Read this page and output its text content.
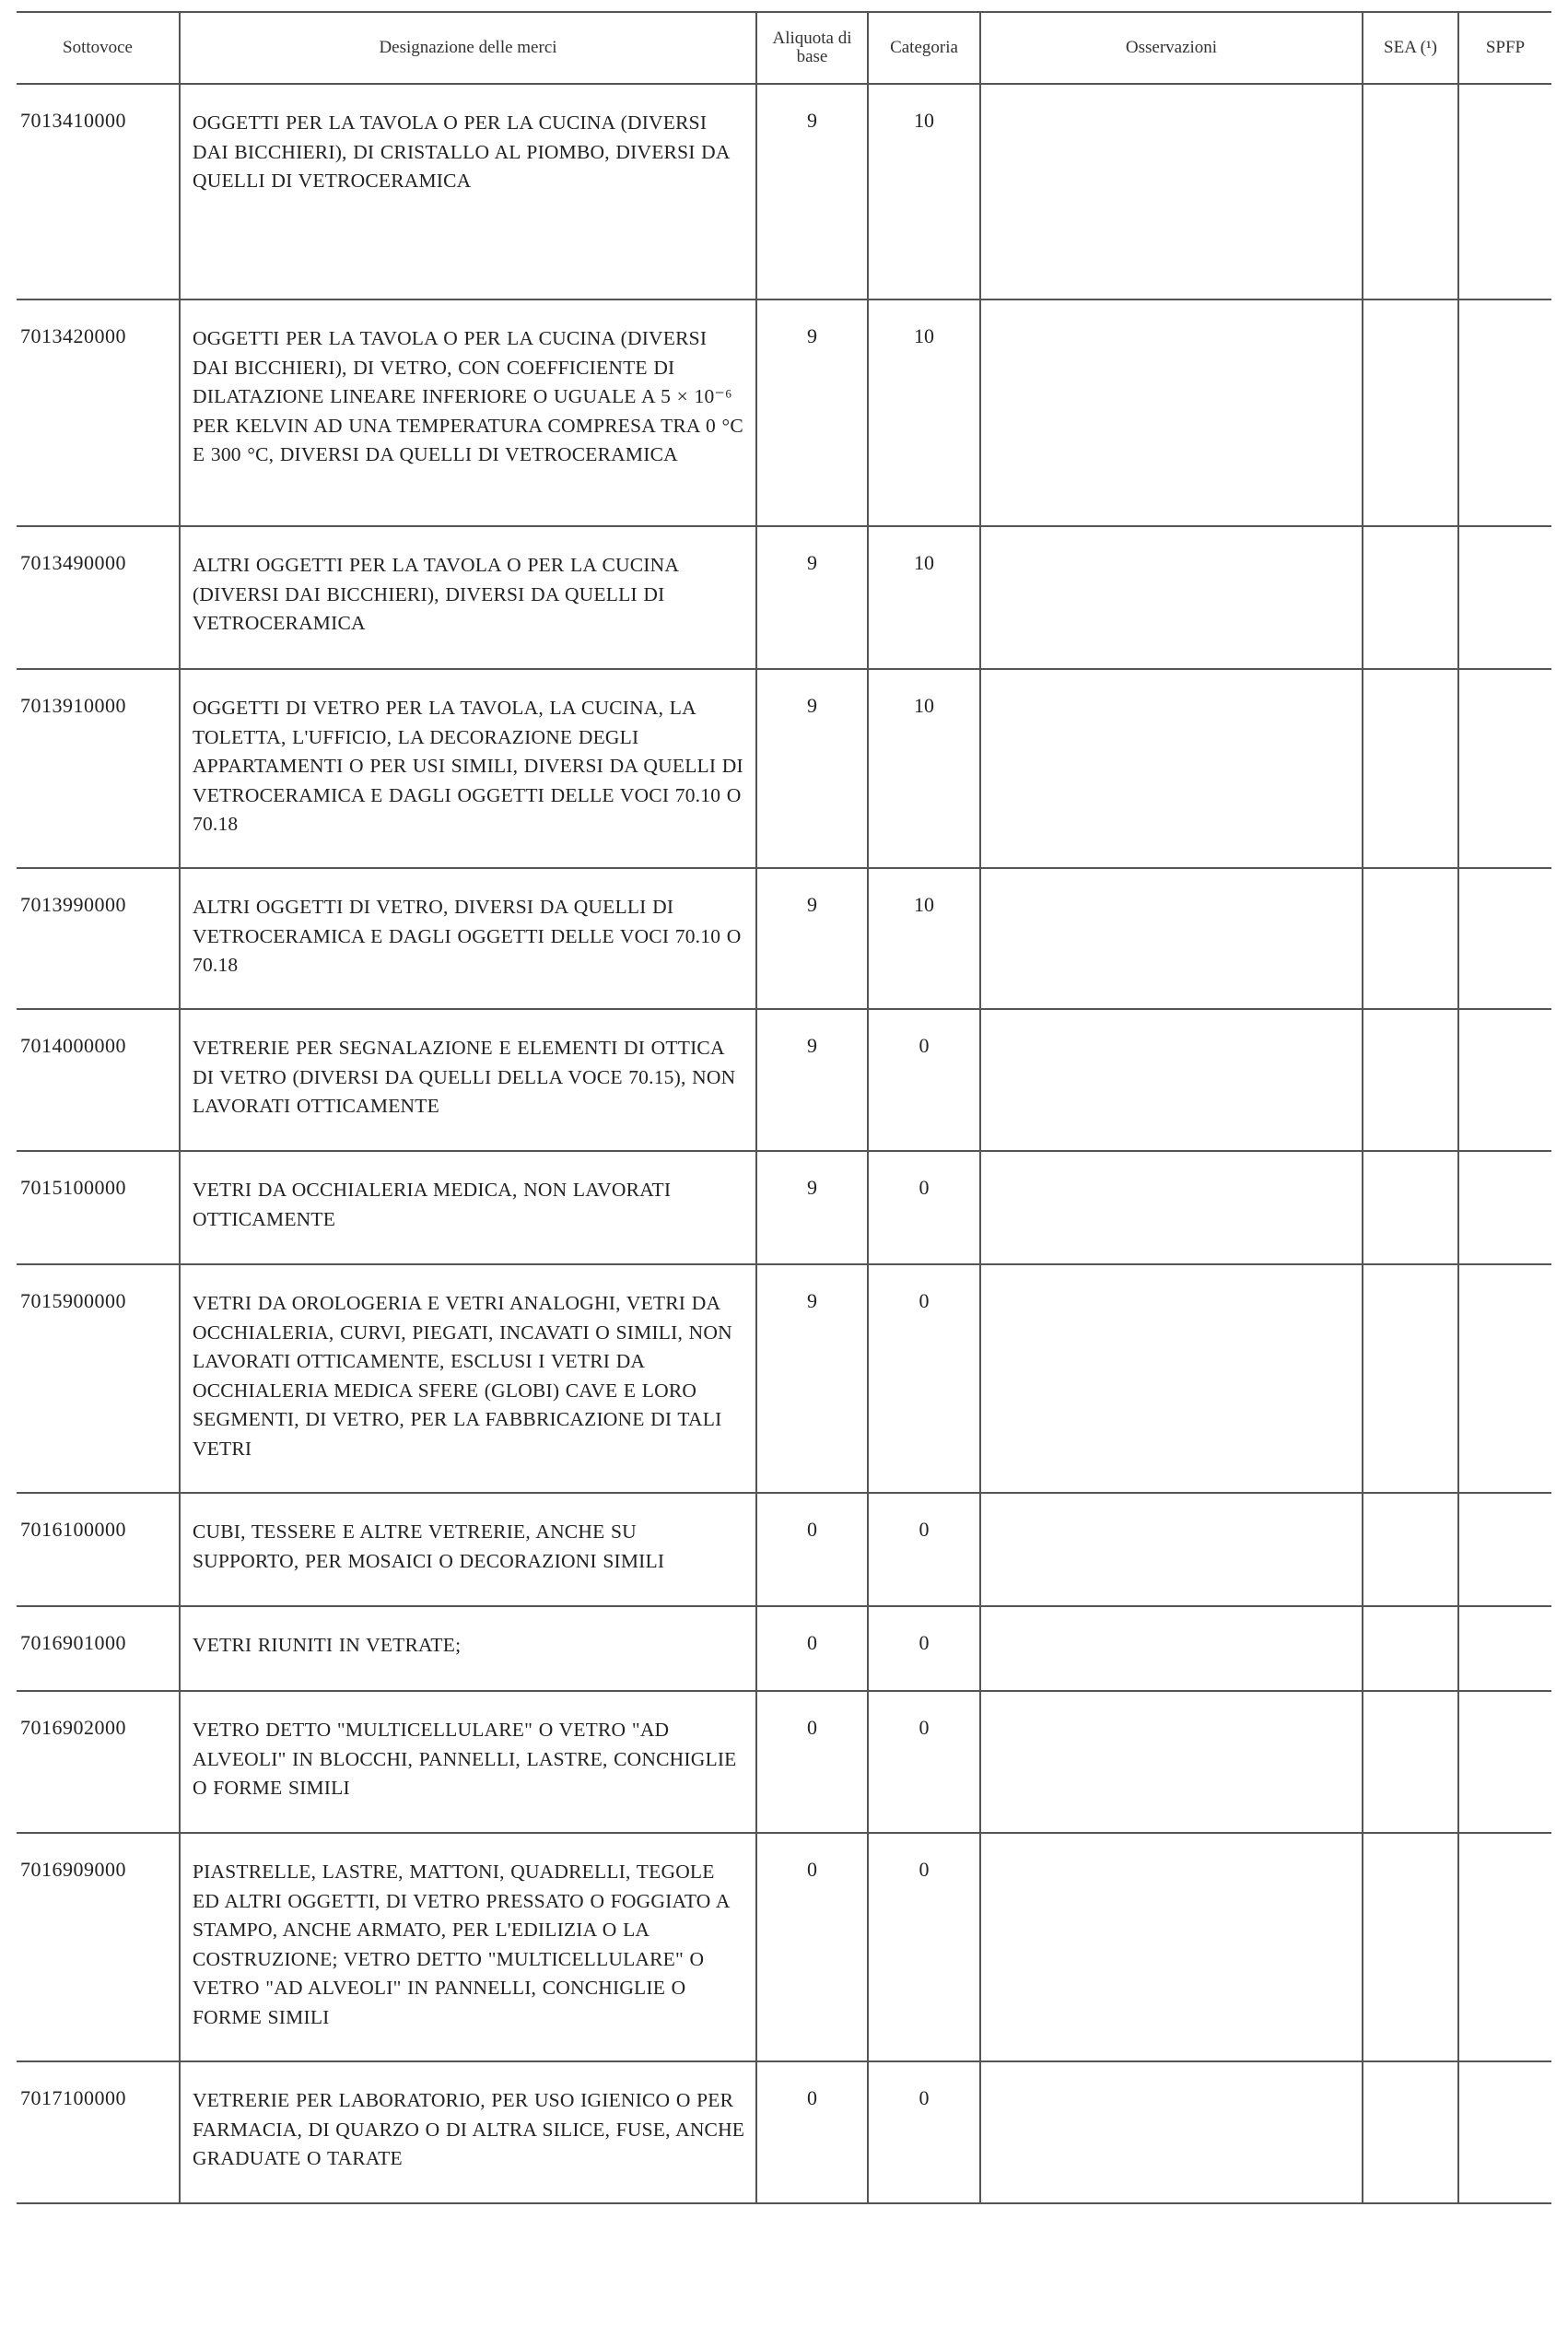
Sottovoce	Designazione delle merci	Aliquota di base	Categoria	Osservazioni	SEA (¹)	SPFP
7013410000	OGGETTI PER LA TAVOLA O PER LA CUCINA (DIVERSI DAI BICCHIERI), DI CRISTALLO AL PIOMBO, DIVERSI DA QUELLI DI VETROCERAMICA	9	10			
7013420000	OGGETTI PER LA TAVOLA O PER LA CUCINA (DIVERSI DAI BICCHIERI), DI VETRO, CON COEFFICIENTE DI DILATAZIONE LINEARE INFERIORE O UGUALE A 5 × 10⁻⁶ PER KELVIN AD UNA TEMPERATURA COMPRESA TRA 0 °C E 300 °C, DIVERSI DA QUELLI DI VETROCERAMICA	9	10			
7013490000	ALTRI OGGETTI PER LA TAVOLA O PER LA CUCINA (DIVERSI DAI BICCHIERI), DIVERSI DA QUELLI DI VETROCERAMICA	9	10			
7013910000	OGGETTI DI VETRO PER LA TAVOLA, LA CUCINA, LA TOLETTA, L'UFFICIO, LA DECORAZIONE DEGLI APPARTAMENTI O PER USI SIMILI, DIVERSI DA QUELLI DI VETROCERAMICA E DAGLI OGGETTI DELLE VOCI 70.10 O 70.18	9	10			
7013990000	ALTRI OGGETTI DI VETRO, DIVERSI DA QUELLI DI VETROCERAMICA E DAGLI OGGETTI DELLE VOCI 70.10 O 70.18	9	10			
7014000000	VETRERIE PER SEGNALAZIONE E ELEMENTI DI OTTICA DI VETRO (DIVERSI DA QUELLI DELLA VOCE 70.15), NON LAVORATI OTTICAMENTE	9	0			
7015100000	VETRI DA OCCHIALERIA MEDICA, NON LAVORATI OTTICAMENTE	9	0			
7015900000	VETRI DA OROLOGERIA E VETRI ANALOGHI, VETRI DA OCCHIALERIA, CURVI, PIEGATI, INCAVATI O SIMILI, NON LAVORATI OTTICAMENTE, ESCLUSI I VETRI DA OCCHIALERIA MEDICA SFERE (GLOBI) CAVE E LORO SEGMENTI, DI VETRO, PER LA FABBRICAZIONE DI TALI VETRI	9	0			
7016100000	CUBI, TESSERE E ALTRE VETRERIE, ANCHE SU SUPPORTO, PER MOSAICI O DECORAZIONI SIMILI	0	0			
7016901000	VETRI RIUNITI IN VETRATE;	0	0			
7016902000	VETRO DETTO "MULTICELLULARE" O VETRO "AD ALVEOLI" IN BLOCCHI, PANNELLI, LASTRE, CONCHIGLIE O FORME SIMILI	0	0			
7016909000	PIASTRELLE, LASTRE, MATTONI, QUADRELLI, TEGOLE ED ALTRI OGGETTI, DI VETRO PRESSATO O FOGGIATO A STAMPO, ANCHE ARMATO, PER L'EDILIZIA O LA COSTRUZIONE; VETRO DETTO "MULTICELLULARE" O VETRO "AD ALVEOLI" IN PANNELLI, CONCHIGLIE O FORME SIMILI	0	0			
7017100000	VETRERIE PER LABORATORIO, PER USO IGIENICO O PER FARMACIA, DI QUARZO O DI ALTRA SILICE, FUSE, ANCHE GRADUATE O TARATE	0	0			
